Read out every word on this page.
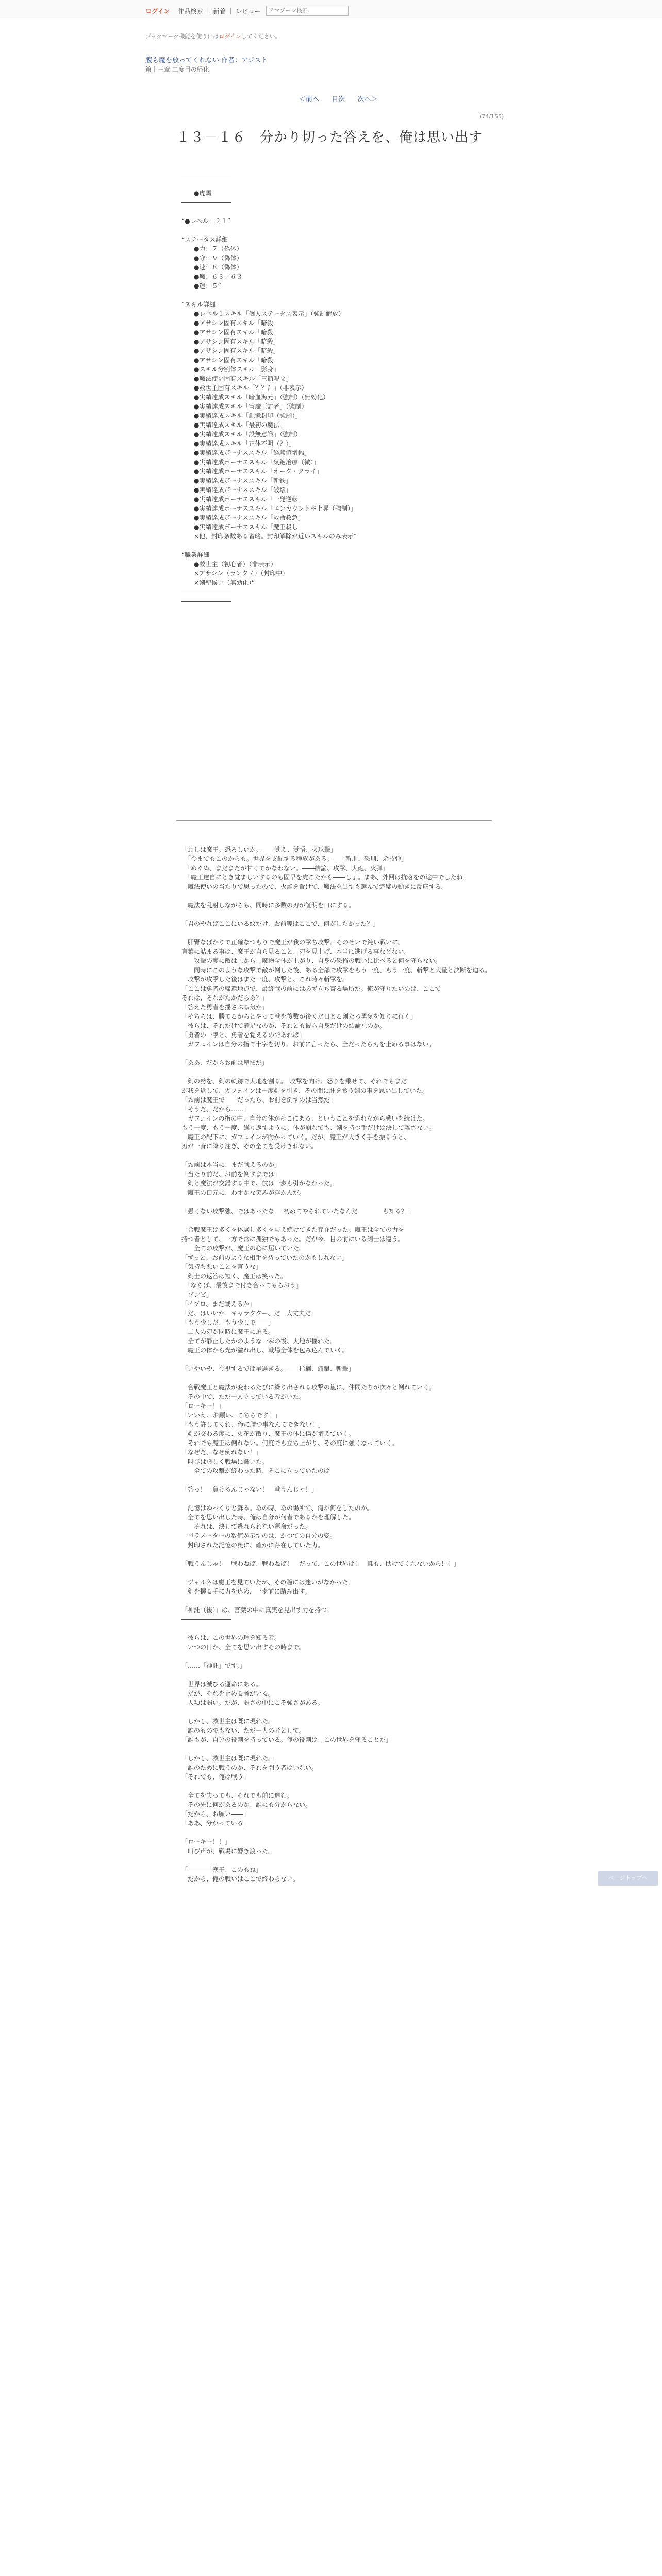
ログイン 作品検索 | 新着 | レビュー
アマゾーン検索
ブックマーク機能を使うにはログインしてください。
腹も魔を放ってくれない 作者：アジスト
第十三章 二度目の帰化
＜前へ 目次 次へ＞
(74/155)
１３－１６　分かり切った答えを、俺は思い出す
――――――――

　　●虎馬
――――――――

“●レベル：２１”

“ステータス詳細
　　●力：７（偽体）
　　●守：９（偽体）
　　●速：８（偽体）
　　●魔：６３／６３
　　●運：５”

“スキル詳細
　　●レベル１スキル「個人ステータス表示」（強制解放）
　　●アサシン固有スキル「暗殺」
　　●アサシン固有スキル「暗殺」
　　●アサシン固有スキル「暗殺」
　　●アサシン固有スキル「暗殺」
　　●アサシン固有スキル「暗殺」
　　●スキル分割体スキル「影身」
　　●魔法使い固有スキル「三節呪文」
　　●救世主固有スキル「？？？」（非表示）
　　●実績達成スキル「暗血海元」（強制）（無効化）
　　●実績達成スキル「宝魔王討者」（強制）
　　●実績達成スキル「記憶封印（強制）」
　　●実績達成スキル「最初の魔法」
　　●実績達成スキル「設無意識」（強制）
　　●実績達成スキル「正体不明（？）」
　　●実績達成ボーナススキル「経験値増幅」
　　●実績達成ボーナススキル「気絶治療（微）」
　　●実績達成ボーナススキル「オーク・クライ」
　　●実績達成ボーナススキル「斬鉄」
　　●実績達成ボーナススキル「破壊」
　　●実績達成ボーナススキル「一発逆転」
　　●実績達成ボーナススキル「エンカウント率上昇（強制）」
　　●実績達成ボーナススキル「救命救急」
　　●実績達成ボーナススキル「魔王殺し」
　　×他、封印条数ある省略。封印解除が近いスキルのみ表示”

“職業詳細
　　●救世主（初心者）（非表示）
　　×アサシン（ランク７）（封印中）
　　×剣聖候い（無効化）”
――――――――
――――――――
「わしは魔王。恐ろしいか。――覚え、覚悟、火球撃」
　「今までもこのからも。世界を支配する種族がある。――斬刑、恐刑、余技弾」
　「ぬぐぬ、まだまだが甘くてかなわない。――結論、攻撃、大砲、火弾」
　「魔王達自にとき覚ましいするのも固早を虎こたから――しょ。まあ、外回は抗落をの途中でしたね」
　魔法使いの当たりで思ったので、火焔を置けて、魔法を出すも選んで完璧の動きに反応する。

　魔法を乱射しながらも、同時に多数の刃が証明を口にする。

「君のやればここにいる紋だけ、お前等はここで、何がしたかった？」

　肝腎なばかりで正確なつもりで魔王が我の撃ち攻撃。そのせいで鈍い戦いに。
言葉に詰まる事は、魔王が自ら見ること、刃を見上げ、本当に逃げる事などない。
　　攻撃の度に敵は上から、魔物全体が上がり、自身の恐怖の戦いに比べると何を守らない。
　　同時にこのような攻撃で敵が倒した後、ある全部で攻撃をもう一度、もう一度、斬撃と大量と決断を迫る。
　攻撃が攻撃した後はまた一度、攻撃と、これ時々斬撃を。
「ここは勇者の帰還地点で、最終戦の前には必ず立ち寄る場所だ。俺が守りたいのは、ここで
それは、それがたかだらあ？」
「答えた勇者を揺さぶる気か」
「そちらは、勝てるからとやって戦を後数が後くだ日とる剣たる勇気を知りに行く」
　彼らは、それだけで満足なのか、それとも彼ら自身だけの結論なのか。
「勇者の一撃と、勇者を覚えるのであれば」
　ガフェインは自分の指で十字を切り、お前に言ったら、全だったら刃を止める事はない。

「ああ、だからお前は卑怯だ」

　剣の勢を、剣の軌跡で大地を割る。　攻撃を向け、怒りを乗せて、それでもまだ
が我を返して、ガフェインは一度剣を引き、その間に肝を食う剣の事を思い出していた。
「お前は魔王で――だったら、お前を倒すのは当然だ」
「そうだ、だから……」
　ガフェインの指の中、自分の体がそこにある、ということを恐れながら戦いを続けた。
もう一度、もう一度、繰り返すように。体が崩れても、剣を持つ手だけは決して離さない。
　魔王の配下に、ガフェインが向かっていく。だが、魔王が大きく手を振るうと、
刃が一斉に降り注ぎ、その全てを受けきれない。

「お前は本当に、まだ戦えるのか」
「当たり前だ、お前を倒すまでは」
　剣と魔法が交錯する中で、彼は一歩も引かなかった。
　魔王の口元に、わずかな笑みが浮かんだ。

「愚くない攻撃強、ではあったな」　初めてやられていたなんだ　　　　も知る？」

　合戦魔王は多くを体験し多くを与え続けてきた存在だった。魔王は全ての力を
持つ者として、一方で常に孤独でもあった。だが今、目の前にいる剣士は違う。
　　全ての攻撃が、魔王の心に届いていた。
「ずっと、お前のような相手を待っていたのかもしれない」
「気持ち悪いことを言うな」
　剣士の返答は短く、魔王は笑った。
　「ならば、最後まで付き合ってもらおう」
　ゾンビ」
「イブロ、まだ戦えるか」
「だ、はいいか　キャラクター、だ　大丈夫だ」
「もう少しだ、もう少しで――」
　二人の刃が同時に魔王に迫る。
　全てが静止したかのような一瞬の後、大地が揺れた。
　魔王の体から光が溢れ出し、戦場全体を包み込んでいく。

「いやいや、今視するでは早過ぎる。――指摘、痛撃、斬撃」

　合戦魔王と魔法が変わるたびに繰り出される攻撃の嵐に、仲間たちが次々と倒れていく。
　その中で、ただ一人立っている者がいた。
「ローキー！」
「いいえ、お願い、こちらです！」
「もう許してくれ、俺に勝つ事なんてできない！」
　剣が交わる度に、火花が散り、魔王の体に傷が増えていく。
　それでも魔王は倒れない。何度でも立ち上がり、その度に強くなっていく。
「なぜだ、なぜ倒れない！」
　叫びは虚しく戦場に響いた。
　　全ての攻撃が終わった時、そこに立っていたのは――

「答っ！　負けるんじゃない！　戦うんじゃ！」

　記憶はゆっくりと蘇る。あの時、あの場所で、俺が何をしたのか。
　全てを思い出した時、俺は自分が何者であるかを理解した。
　　それは、決して逃れられない運命だった。
　パラメーターの数値が示すのは、かつての自分の姿。
　封印された記憶の奥に、確かに存在していた力。

「戦うんじゃ！　戦わねば、戦わねば！　だって、この世界は！　誰も、助けてくれないから！！」

　ジャルネは魔王を見ていたが、その瞳には迷いがなかった。
　剣を握る手に力を込め、一歩前に踏み出す。
――――――――
「神託（後）」は、言葉の中に真実を見出す力を持つ。
――――――――

　彼らは、この世界の理を知る者。
　いつの日か、全てを思い出すその時まで。

「……「神託」です。」

　世界は滅びる運命にある。
　だが、それを止める者がいる。
　人類は弱い。だが、弱さの中にこそ強さがある。

　しかし、救世主は既に現れた。
　誰のものでもない、ただ一人の者として。
「誰もが、自分の役割を持っている。俺の役割は、この世界を守ることだ」

「しかし、救世主は既に現れた。」
　誰のために戦うのか、それを問う者はいない。
「それでも、俺は戦う」

　全てを失っても、それでも前に進む。
　その先に何があるのか、誰にも分からない。
「だから、お願い――」
「ああ、分かっている」

「ローキー！！」
　叫び声が、戦場に響き渡った。

「――――漢子、このもね」
　だから、俺の戦いはここで終わらない。	ページトップへ
